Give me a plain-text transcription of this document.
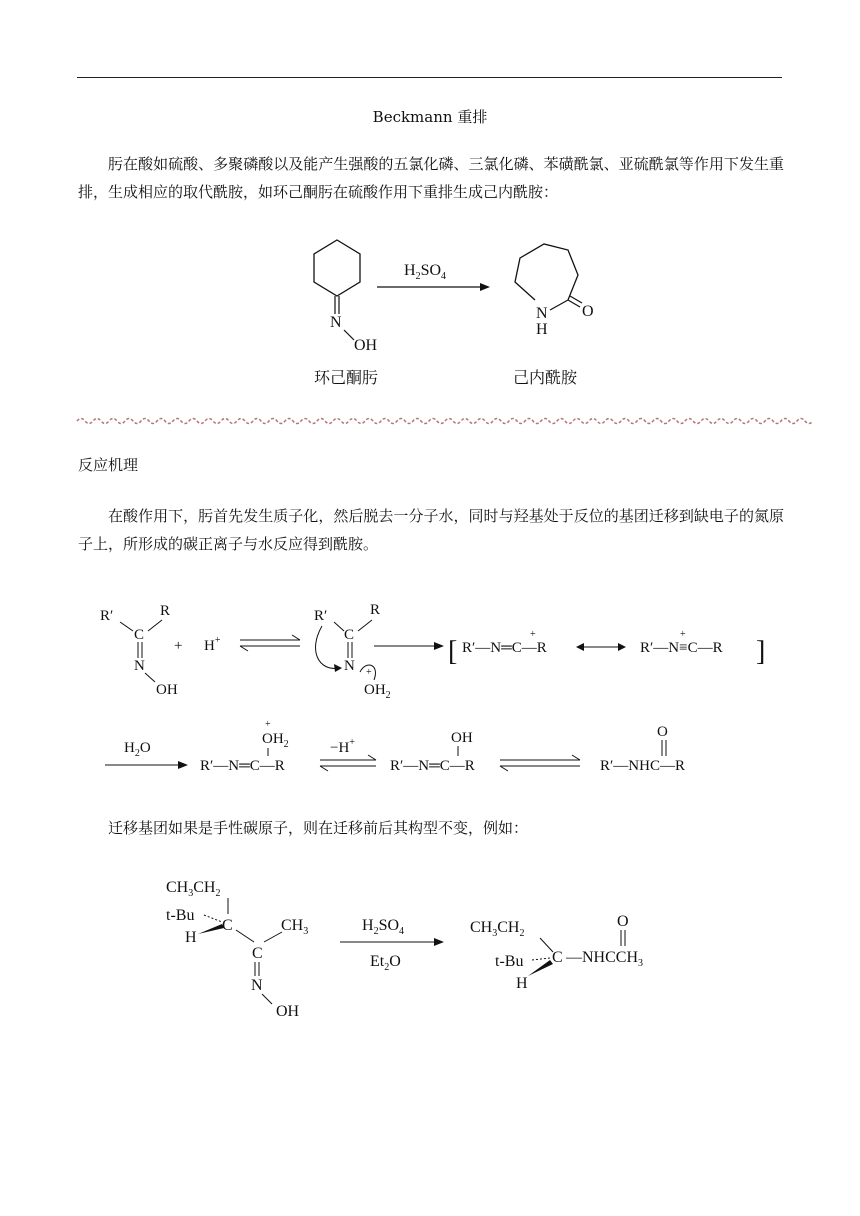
Beckmann 重排
肟在酸如硫酸、多聚磷酸以及能产生强酸的五氯化磷、三氯化磷、苯磺酰氯、亚硫酰氯等作用下发生重排，生成相应的取代酰胺，如环己酮肟在硫酸作用下重排生成己内酰胺：
N
OH
$H_2SO_4$
N
H
O
环己酮肟	己内酰胺
反应机理
在酸作用下，肟首先发生质子化，然后脱去一分子水，同时与羟基处于反位的基团迁移到缺电子的氮原子上，所形成的碳正离子与水反应得到酰胺。
R′	R
C
N
OH
+ H+
R′	R
C
N +
$OH_2$
[ R′—N═C—R
+
R′—N≡C—R
+
]
$H_2O$
R′—N═C—R
$OH_2$
+
−H+
R′—N═C—R
OH
R′—NHC—R
O
迁移基团如果是手性碳原子，则在迁移前后其构型不变，例如：
$CH_3CH_2$
t-Bu
H
C	$CH_3$
C
N
OH
$H_2SO_4$
$Et_2O$
$CH_3CH_2$
t-Bu
H
C $—NHCCH_3$
O
